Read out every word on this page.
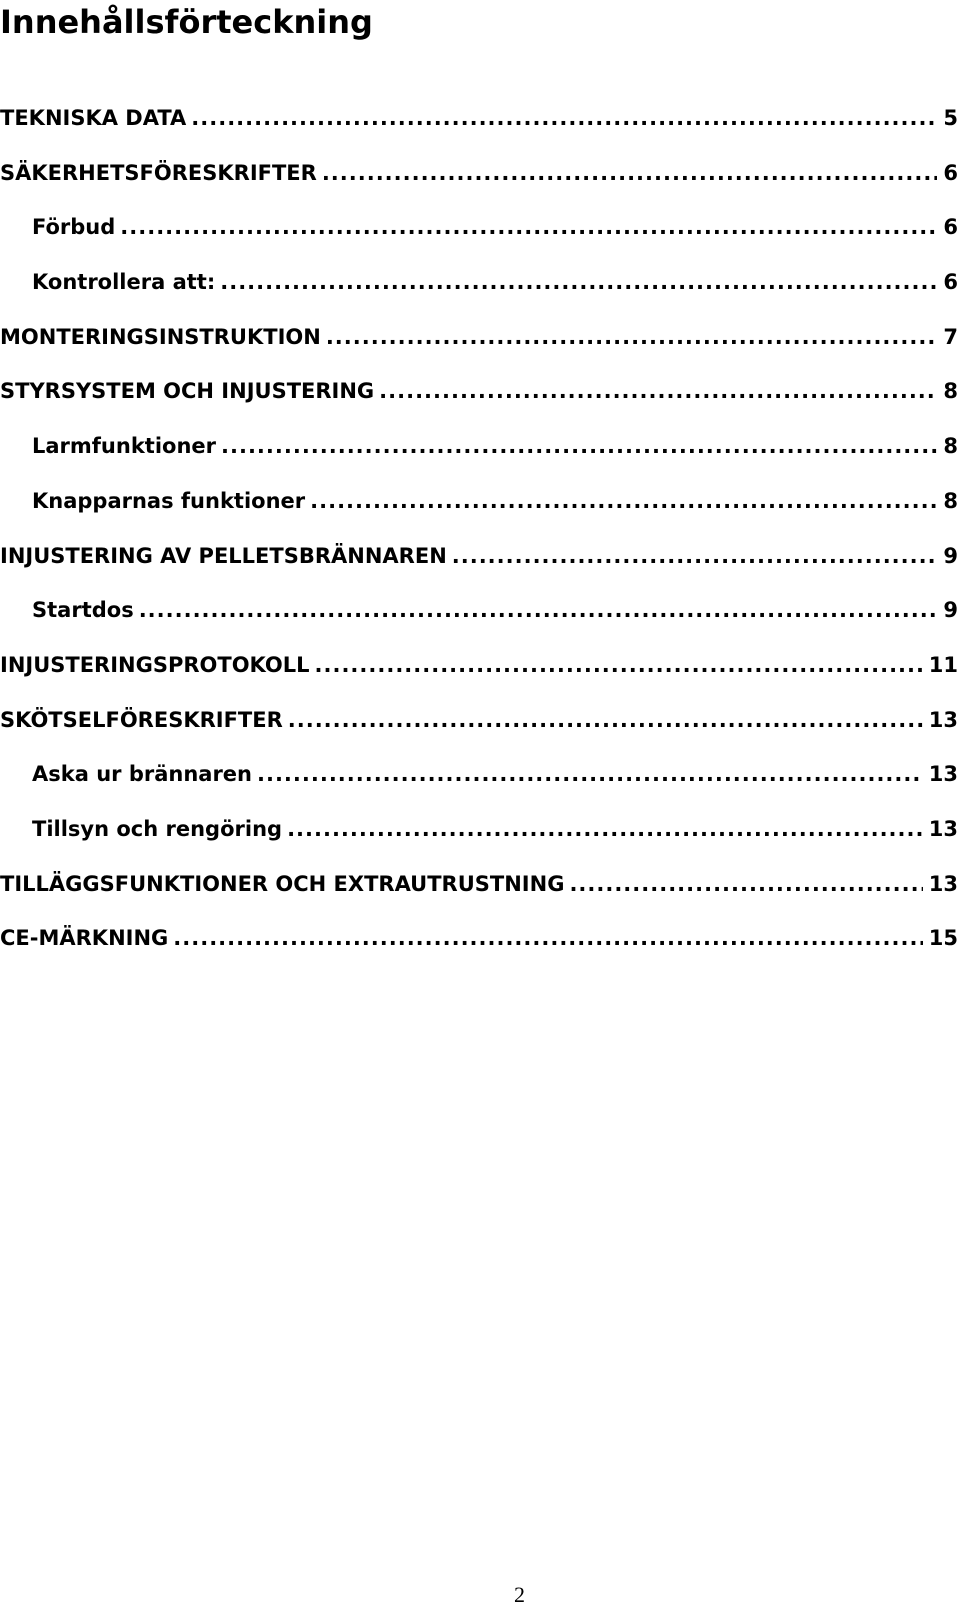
Innehållsförteckning
TEKNISKA DATA .....	5
SÄKERHETSFÖRESKRIFTER .....	6
Förbud .....	6
Kontrollera att: .....	6
MONTERINGSINSTRUKTION .....	7
STYRSYSTEM OCH INJUSTERING .....	8
Larmfunktioner .....	8
Knapparnas funktioner .....	8
INJUSTERING AV PELLETSBRÄNNAREN .....	9
Startdos .....	9
INJUSTERINGSPROTOKOLL .....	11
SKÖTSELFÖRESKRIFTER .....	13
Aska ur brännaren .....	13
Tillsyn och rengöring .....	13
TILLÄGGSFUNKTIONER OCH EXTRAUTRUSTNING .....	13
CE-MÄRKNING .....	15
2
